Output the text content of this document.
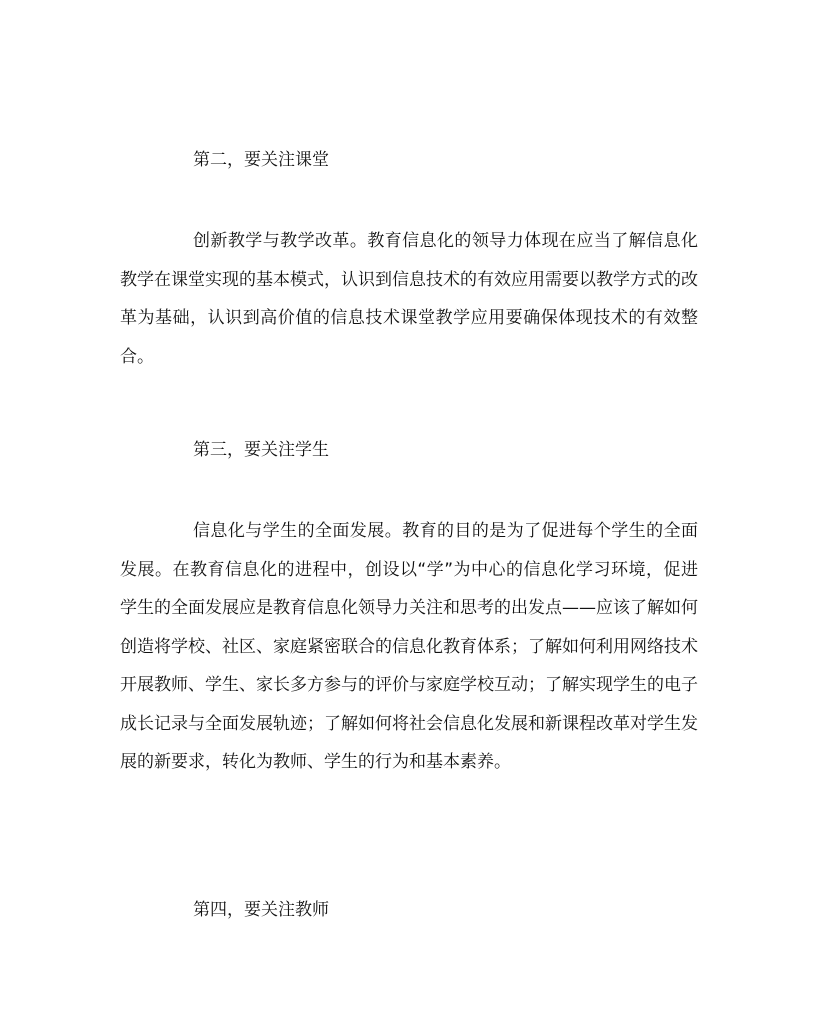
第二，要关注课堂

创新教学与教学改革。教育信息化的领导力体现在应当了解信息化教学在课堂实现的基本模式，认识到信息技术的有效应用需要以教学方式的改革为基础，认识到高价值的信息技术课堂教学应用要确保体现技术的有效整合。

第三，要关注学生

信息化与学生的全面发展。教育的目的是为了促进每个学生的全面发展。在教育信息化的进程中，创设以“学”为中心的信息化学习环境，促进学生的全面发展应是教育信息化领导力关注和思考的出发点——应该了解如何创造将学校、社区、家庭紧密联合的信息化教育体系；了解如何利用网络技术开展教师、学生、家长多方参与的评价与家庭学校互动；了解实现学生的电子成长记录与全面发展轨迹；了解如何将社会信息化发展和新课程改革对学生发展的新要求，转化为教师、学生的行为和基本素养。

第四，要关注教师
